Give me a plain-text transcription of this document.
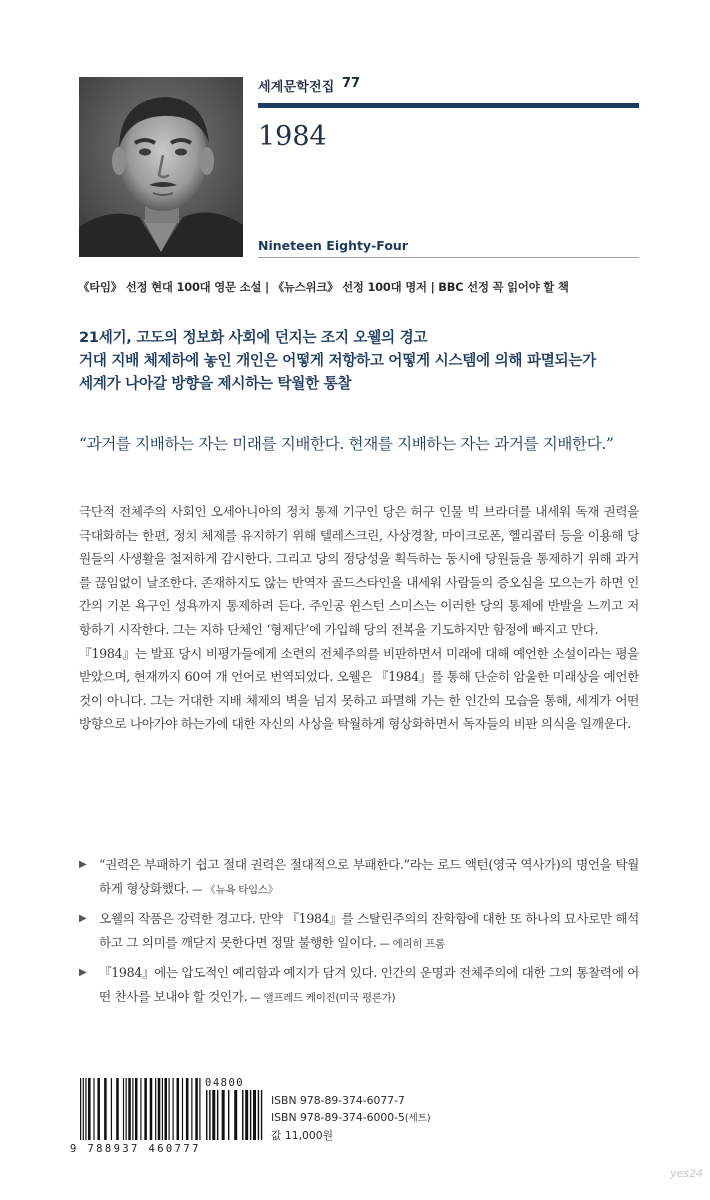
세계문학전집 77
1984
Nineteen Eighty-Four
《타임》 선정 현대 100대 영문 소설 | 《뉴스위크》 선정 100대 명저 | BBC 선정 꼭 읽어야 할 책
21세기, 고도의 정보화 사회에 던지는 조지 오웰의 경고
거대 지배 체제하에 놓인 개인은 어떻게 저항하고 어떻게 시스템에 의해 파멸되는가
세계가 나아갈 방향을 제시하는 탁월한 통찰
“과거를 지배하는 자는 미래를 지배한다. 현재를 지배하는 자는 과거를 지배한다.”

극단적 전체주의 사회인 오세아니아의 정치 통제 기구인 당은 허구 인물 빅 브라더를 내세워 독재 권력을 극대화하는 한편, 정치 체제를 유지하기 위해 텔레스크린, 사상경찰, 마이크로폰, 헬리콥터 등을 이용해 당원들의 사생활을 철저하게 감시한다. 그리고 당의 정당성을 획득하는 동시에 당원들을 통제하기 위해 과거를 끊임없이 날조한다. 존재하지도 않는 반역자 골드스타인을 내세워 사람들의 증오심을 모으는가 하면 인간의 기본 욕구인 성욕까지 통제하려 든다. 주인공 윈스턴 스미스는 이러한 당의 통제에 반발을 느끼고 저항하기 시작한다. 그는 지하 단체인 ‘형제단’에 가입해 당의 전복을 기도하지만 함정에 빠지고 만다.

『1984』는 발표 당시 비평가들에게 소련의 전체주의를 비판하면서 미래에 대해 예언한 소설이라는 평을 받았으며, 현재까지 60여 개 언어로 번역되었다. 오웰은 『1984』를 통해 단순히 암울한 미래상을 예언한 것이 아니다. 그는 거대한 지배 체제의 벽을 넘지 못하고 파멸해 가는 한 인간의 모습을 통해, 세계가 어떤 방향으로 나아가야 하는가에 대한 자신의 사상을 탁월하게 형상화하면서 독자들의 비판 의식을 일깨운다.

▶ “권력은 부패하기 쉽고 절대 권력은 절대적으로 부패한다.”라는 로드 액턴(영국 역사가)의 명언을 탁월하게 형상화했다. — 《뉴욕 타임스》
▶ 오웰의 작품은 강력한 경고다. 만약 『1984』를 스탈린주의의 잔학함에 대한 또 하나의 묘사로만 해석하고 그 의미를 깨닫지 못한다면 정말 불행한 일이다. — 에리히 프롬
▶ 『1984』에는 압도적인 예리함과 예지가 담겨 있다. 인간의 운명과 전체주의에 대한 그의 통찰력에 어떤 찬사를 보내야 할 것인가. — 앨프레드 케이진(미국 평론가)
04800
9 788937 460777
ISBN 978-89-374-6077-7
ISBN 978-89-374-6000-5(세트)
값 11,000원
yes24
